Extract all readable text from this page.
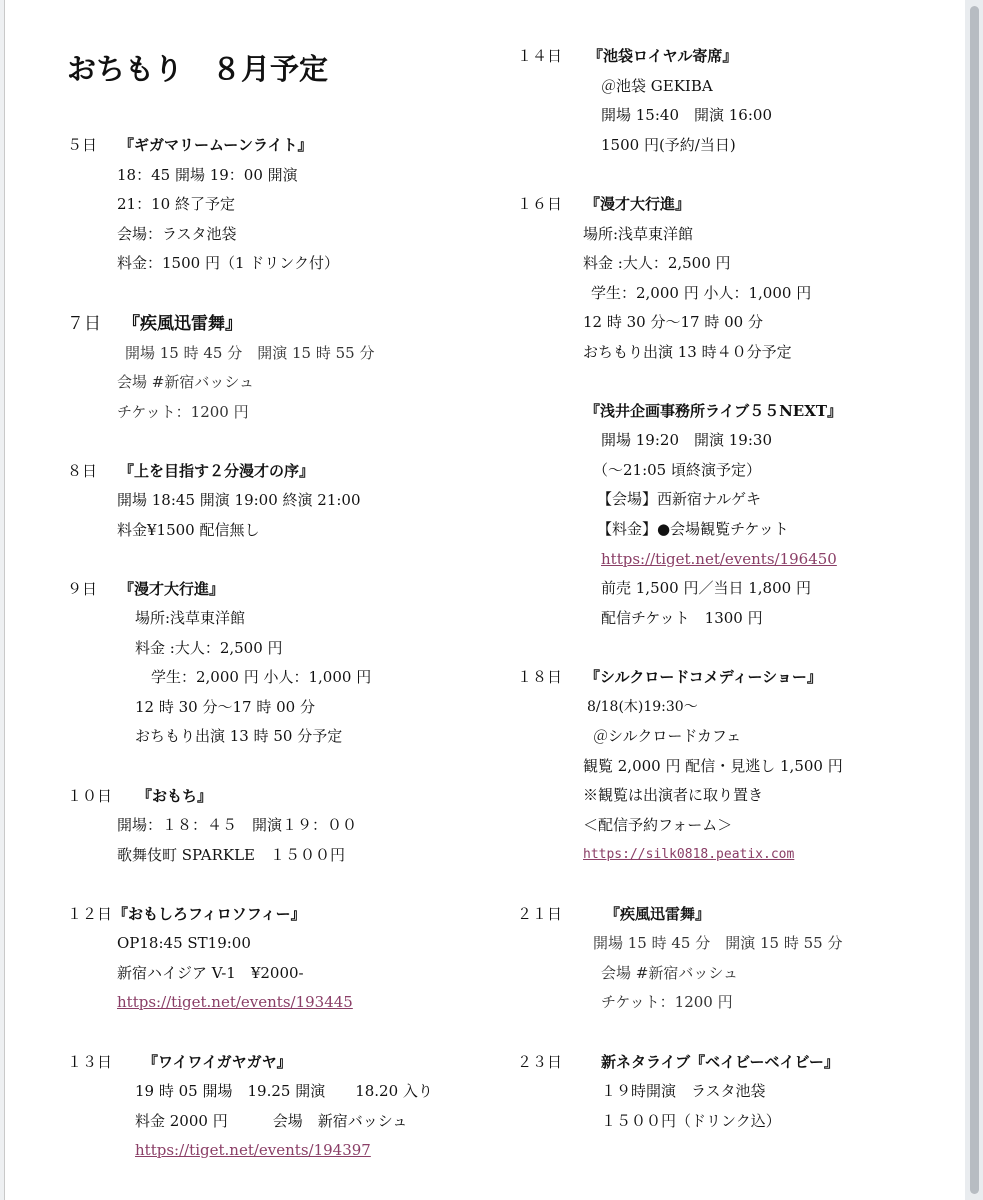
おちもり　８月予定
５日 『ギガマリームーンライト』
18：45 開場 19：00 開演
21：10 終了予定
会場：ラスタ池袋
料金：1500 円（1 ドリンク付）
７日 『疾風迅雷舞』
開場 15 時 45 分　開演 15 時 55 分
会場 #新宿バッシュ
チケット：1200 円
８日 『上を目指す２分漫才の序』
開場 18:45 開演 19:00 終演 21:00
料金¥1500 配信無し
９日 『漫才大行進』
場所:浅草東洋館
料金 :大人：2,500 円
学生：2,000 円 小人：1,000 円
12 時 30 分〜17 時 00 分
おちもり出演 13 時 50 分予定
１０日 『おもち』
開場：１８：４５　開演１９：００
歌舞伎町 SPARKLE　１５００円
１２日 『おもしろフィロソフィー』
OP18:45 ST19:00
新宿ハイジア V-1　¥2000-
https://tiget.net/events/193445
１３日 『ワイワイガヤガヤ』
19 時 05 開場　19.25 開演　　18.20 入り
料金 2000 円　　　会場　新宿バッシュ
https://tiget.net/events/194397
１４日 『池袋ロイヤル寄席』
＠池袋 GEKIBA
開場 15:40　開演 16:00
1500 円(予約/当日)
１６日 『漫才大行進』
場所:浅草東洋館
料金 :大人：2,500 円
学生：2,000 円 小人：1,000 円
12 時 30 分〜17 時 00 分
おちもり出演 13 時４０分予定
『浅井企画事務所ライブ５５NEXT』
開場 19:20　開演 19:30
（〜21:05 頃終演予定）
【会場】西新宿ナルゲキ
【料金】●会場観覧チケット
https://tiget.net/events/196450
前売 1,500 円／当日 1,800 円
配信チケット　1300 円
１８日 『シルクロードコメディーショー』
8/18(木)19:30〜
＠シルクロードカフェ
観覧 2,000 円 配信・見逃し 1,500 円
※観覧は出演者に取り置き
＜配信予約フォーム＞
https://silk0818.peatix.com
２１日	『疾風迅雷舞』
開場 15 時 45 分　開演 15 時 55 分
会場 #新宿バッシュ
チケット：1200 円
２３日	新ネタライブ『ベイビーベイビー』
１９時開演　ラスタ池袋
１５００円（ドリンク込）
